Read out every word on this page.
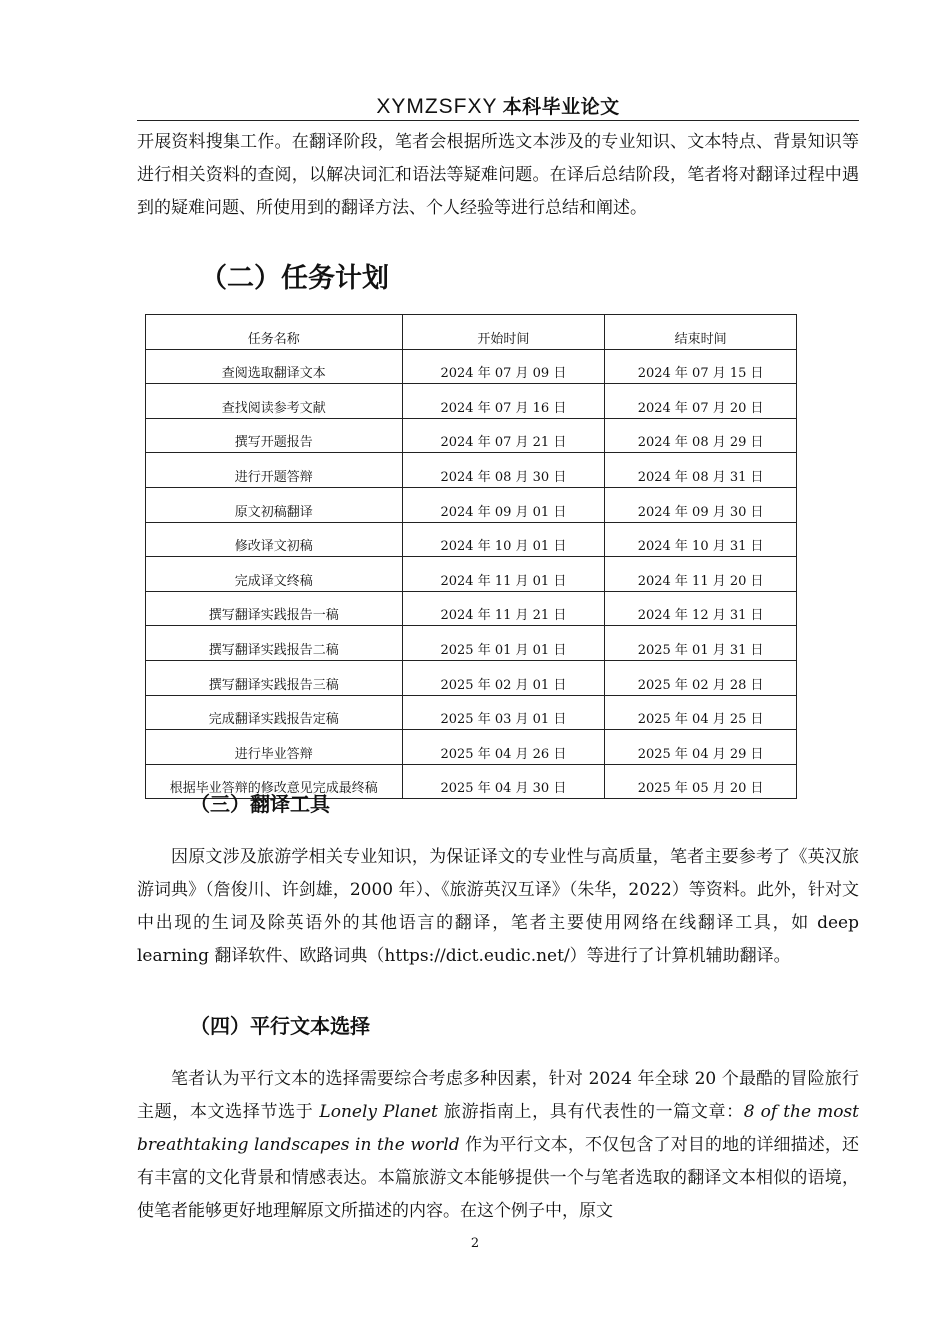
XYMZSFXY 本科毕业论文

开展资料搜集工作。在翻译阶段，笔者会根据所选文本涉及的专业知识、文本特点、背景知识等进行相关资料的查阅，以解决词汇和语法等疑难问题。在译后总结阶段，笔者将对翻译过程中遇到的疑难问题、所使用到的翻译方法、个人经验等进行总结和阐述。

（二）任务计划
任务名称	开始时间	结束时间
查阅选取翻译文本	2024 年 07 月 09 日	2024 年 07 月 15 日
查找阅读参考文献	2024 年 07 月 16 日	2024 年 07 月 20 日
撰写开题报告	2024 年 07 月 21 日	2024 年 08 月 29 日
进行开题答辩	2024 年 08 月 30 日	2024 年 08 月 31 日
原文初稿翻译	2024 年 09 月 01 日	2024 年 09 月 30 日
修改译文初稿	2024 年 10 月 01 日	2024 年 10 月 31 日
完成译文终稿	2024 年 11 月 01 日	2024 年 11 月 20 日
撰写翻译实践报告一稿	2024 年 11 月 21 日	2024 年 12 月 31 日
撰写翻译实践报告二稿	2025 年 01 月 01 日	2025 年 01 月 31 日
撰写翻译实践报告三稿	2025 年 02 月 01 日	2025 年 02 月 28 日
完成翻译实践报告定稿	2025 年 03 月 01 日	2025 年 04 月 25 日
进行毕业答辩	2025 年 04 月 26 日	2025 年 04 月 29 日
根据毕业答辩的修改意见完成最终稿	2025 年 04 月 30 日	2025 年 05 月 20 日
（三）翻译工具

因原文涉及旅游学相关专业知识，为保证译文的专业性与高质量，笔者主要参考了《英汉旅游词典》（詹俊川、许剑雄，2000 年）、《旅游英汉互译》（朱华，2022）等资料。此外，针对文中出现的生词及除英语外的其他语言的翻译，笔者主要使用网络在线翻译工具，如 deep learning 翻译软件、欧路词典（https://dict.eudic.net/）等进行了计算机辅助翻译。

（四）平行文本选择

笔者认为平行文本的选择需要综合考虑多种因素，针对 2024 年全球 20 个最酷的冒险旅行主题，本文选择节选于 Lonely Planet 旅游指南上，具有代表性的一篇文章：8 of the most breathtaking landscapes in the world 作为平行文本，不仅包含了对目的地的详细描述，还有丰富的文化背景和情感表达。本篇旅游文本能够提供一个与笔者选取的翻译文本相似的语境，使笔者能够更好地理解原文所描述的内容。在这个例子中，原文

2
